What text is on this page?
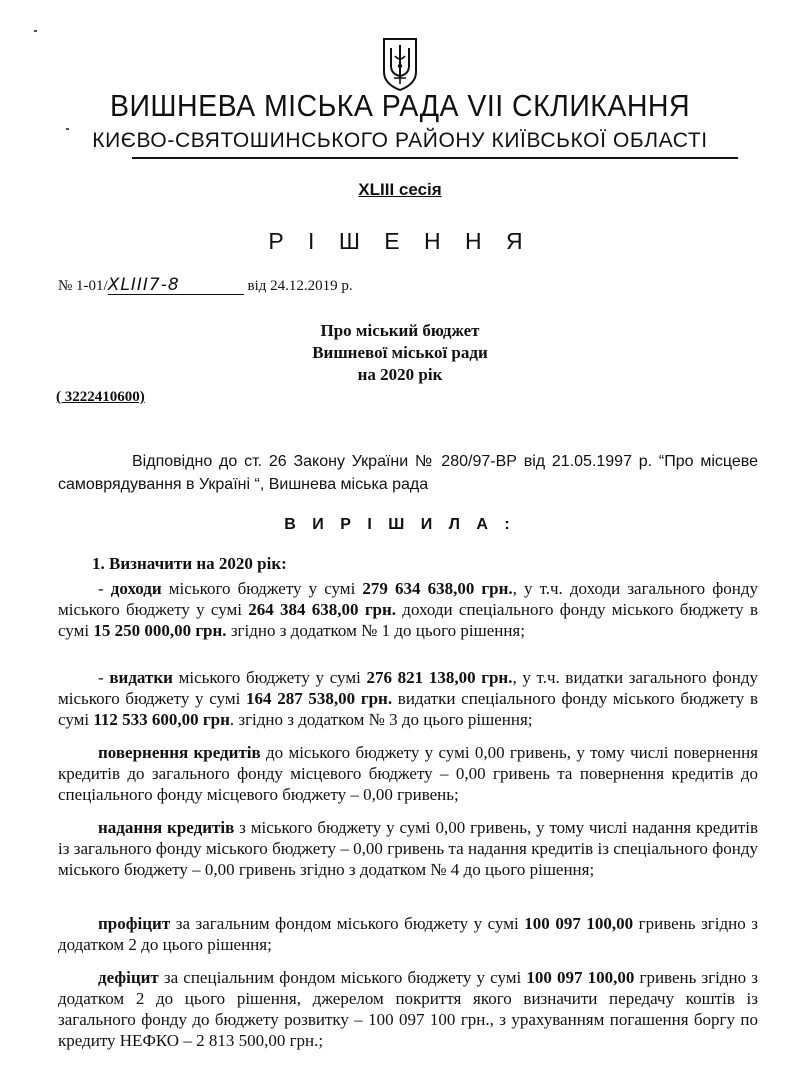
ВИШНЕВА МІСЬКА РАДА VII СКЛИКАННЯ
КИЄВО-СВЯТОШИНСЬКОГО РАЙОНУ КИЇВСЬКОЇ ОБЛАСТІ
XLIII сесія
Р І Ш Е Н Н Я
№ 1-01/XLIII7-8	від 24.12.2019 р.
Про міський бюджет
Вишневої міської ради
на 2020 рік
( 3222410600)
Відповідно до ст. 26 Закону України № 280/97-ВР від 21.05.1997 р. “Про місцеве самоврядування в Україні “, Вишнева міська рада
В И Р І Ш И Л А :
1. Визначити на 2020 рік:
- доходи міського бюджету у сумі 279 634 638,00 грн., у т.ч. доходи загального фонду міського бюджету у сумі 264 384 638,00 грн. доходи спеціального фонду міського бюджету в сумі 15 250 000,00 грн. згідно з додатком № 1 до цього рішення;
- видатки міського бюджету у сумі 276 821 138,00 грн., у т.ч. видатки загального фонду міського бюджету у сумі 164 287 538,00 грн. видатки спеціального фонду міського бюджету в сумі 112 533 600,00 грн. згідно з додатком № 3 до цього рішення;
повернення кредитів до міського бюджету у сумі 0,00 гривень, у тому числі повернення кредитів до загального фонду місцевого бюджету – 0,00 гривень та повернення кредитів до спеціального фонду місцевого бюджету – 0,00 гривень;
надання кредитів з міського бюджету у сумі 0,00 гривень, у тому числі надання кредитів із загального фонду міського бюджету – 0,00 гривень та надання кредитів із спеціального фонду міського бюджету – 0,00 гривень згідно з додатком № 4 до цього рішення;
профіцит за загальним фондом міського бюджету у сумі 100 097 100,00 гривень згідно з додатком 2 до цього рішення;
дефіцит за спеціальним фондом міського бюджету у сумі 100 097 100,00 гривень згідно з додатком 2 до цього рішення, джерелом покриття якого визначити передачу коштів із загального фонду до бюджету розвитку – 100 097 100 грн., з урахуванням погашення боргу по кредиту НЕФКО – 2 813 500,00 грн.;
